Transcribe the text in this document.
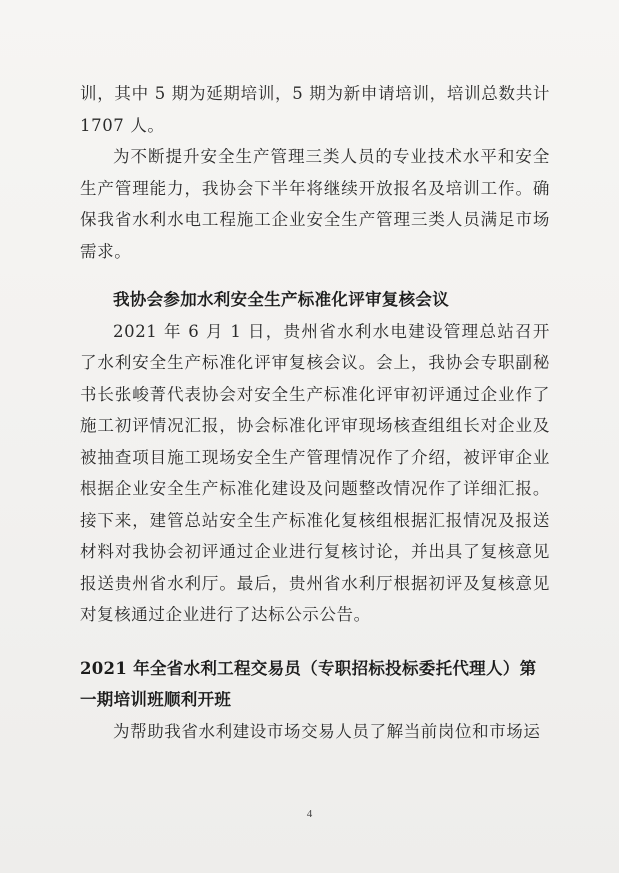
训，其中 5 期为延期培训，5 期为新申请培训，培训总数共计 1707 人。

为不断提升安全生产管理三类人员的专业技术水平和安全生产管理能力，我协会下半年将继续开放报名及培训工作。确保我省水利水电工程施工企业安全生产管理三类人员满足市场需求。

我协会参加水利安全生产标准化评审复核会议

2021 年 6 月 1 日，贵州省水利水电建设管理总站召开了水利安全生产标准化评审复核会议。会上，我协会专职副秘书长张峻菁代表协会对安全生产标准化评审初评通过企业作了施工初评情况汇报，协会标准化评审现场核查组组长对企业及被抽查项目施工现场安全生产管理情况作了介绍，被评审企业根据企业安全生产标准化建设及问题整改情况作了详细汇报。接下来，建管总站安全生产标准化复核组根据汇报情况及报送材料对我协会初评通过企业进行复核讨论，并出具了复核意见报送贵州省水利厅。最后，贵州省水利厅根据初评及复核意见对复核通过企业进行了达标公示公告。

2021 年全省水利工程交易员（专职招标投标委托代理人）第一期培训班顺利开班

为帮助我省水利建设市场交易人员了解当前岗位和市场运

4
